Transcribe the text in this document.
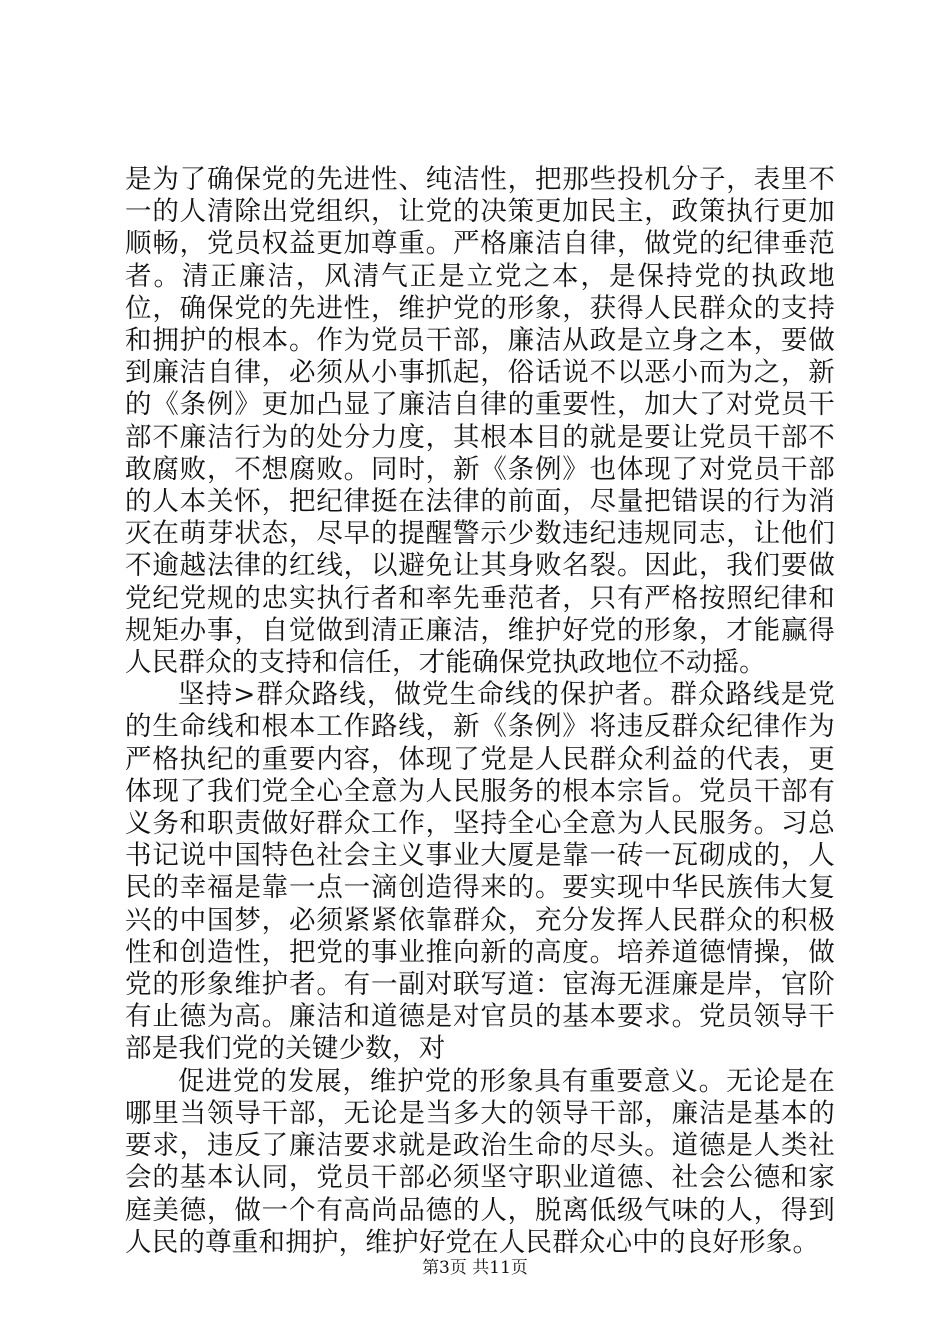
是为了确保党的先进性、纯洁性，把那些投机分子，表里不一的人清除出党组织，让党的决策更加民主，政策执行更加顺畅，党员权益更加尊重。严格廉洁自律，做党的纪律垂范者。清正廉洁，风清气正是立党之本，是保持党的执政地位，确保党的先进性，维护党的形象，获得人民群众的支持和拥护的根本。作为党员干部，廉洁从政是立身之本，要做到廉洁自律，必须从小事抓起，俗话说不以恶小而为之，新的《条例》更加凸显了廉洁自律的重要性，加大了对党员干部不廉洁行为的处分力度，其根本目的就是要让党员干部不敢腐败，不想腐败。同时，新《条例》也体现了对党员干部的人本关怀，把纪律挺在法律的前面，尽量把错误的行为消灭在萌芽状态，尽早的提醒警示少数违纪违规同志，让他们不逾越法律的红线，以避免让其身败名裂。因此，我们要做党纪党规的忠实执行者和率先垂范者，只有严格按照纪律和规矩办事，自觉做到清正廉洁，维护好党的形象，才能赢得人民群众的支持和信任，才能确保党执政地位不动摇。

坚持>群众路线，做党生命线的保护者。群众路线是党的生命线和根本工作路线，新《条例》将违反群众纪律作为严格执纪的重要内容，体现了党是人民群众利益的代表，更体现了我们党全心全意为人民服务的根本宗旨。党员干部有义务和职责做好群众工作，坚持全心全意为人民服务。习总书记说中国特色社会主义事业大厦是靠一砖一瓦砌成的，人民的幸福是靠一点一滴创造得来的。要实现中华民族伟大复兴的中国梦，必须紧紧依靠群众，充分发挥人民群众的积极性和创造性，把党的事业推向新的高度。培养道德情操，做党的形象维护者。有一副对联写道：宦海无涯廉是岸，官阶有止德为高。廉洁和道德是对官员的基本要求。党员领导干部是我们党的关键少数，对

促进党的发展，维护党的形象具有重要意义。无论是在哪里当领导干部，无论是当多大的领导干部，廉洁是基本的要求，违反了廉洁要求就是政治生命的尽头。道德是人类社会的基本认同，党员干部必须坚守职业道德、社会公德和家庭美德，做一个有高尚品德的人，脱离低级气味的人，得到人民的尊重和拥护，维护好党在人民群众心中的良好形象。

第3页 共11页
